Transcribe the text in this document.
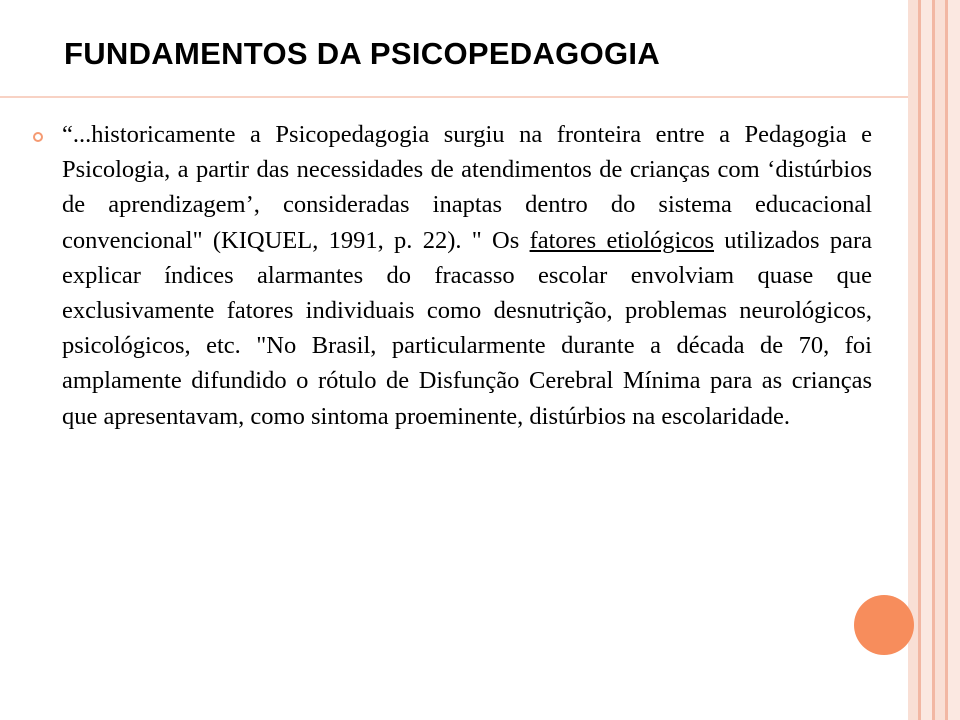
FUNDAMENTOS DA PSICOPEDAGOGIA

“...historicamente a Psicopedagogia surgiu na fronteira entre a Pedagogia e Psicologia, a partir das necessidades de atendimentos de crianças com ‘distúrbios de aprendizagem’, consideradas inaptas dentro do sistema educacional convencional" (KIQUEL, 1991, p. 22). " Os fatores etiológicos utilizados para explicar índices alarmantes do fracasso escolar envolviam quase que exclusivamente fatores individuais como desnutrição, problemas neurológicos, psicológicos, etc. "No Brasil, particularmente durante a década de 70, foi amplamente difundido o rótulo de Disfunção Cerebral Mínima para as crianças que apresentavam, como sintoma proeminente, distúrbios na escolaridade.
